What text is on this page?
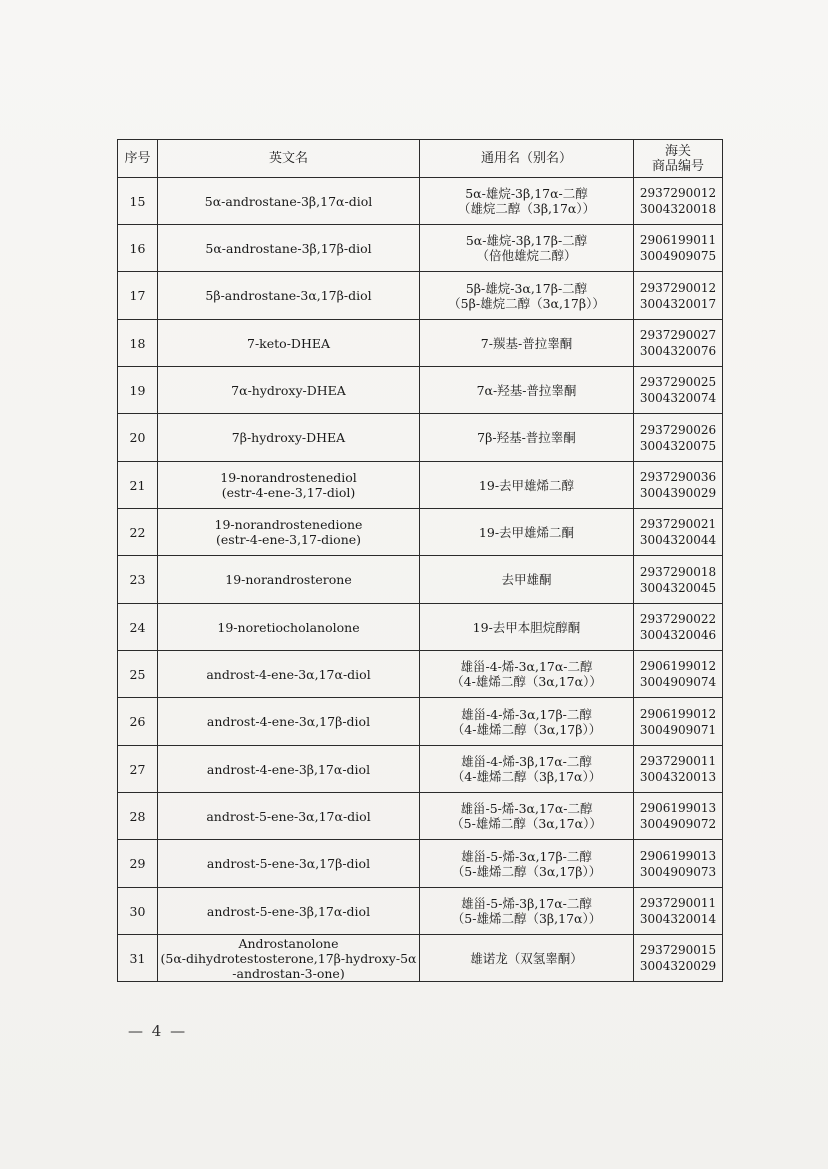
序号	英文名	通用名（别名）	海关
商品编号

15	5α-androstane-3β,17α-diol	5α-雄烷-3β,17α-二醇
（雄烷二醇（3β,17α））	2937290012
3004320018

16	5α-androstane-3β,17β-diol	5α-雄烷-3β,17β-二醇
（倍他雄烷二醇）	2906199011
3004909075

17	5β-androstane-3α,17β-diol	5β-雄烷-3α,17β-二醇
（5β-雄烷二醇（3α,17β））	2937290012
3004320017

18	7-keto-DHEA	7-羰基-普拉睾酮	2937290027
3004320076

19	7α-hydroxy-DHEA	7α-羟基-普拉睾酮	2937290025
3004320074

20	7β-hydroxy-DHEA	7β-羟基-普拉睾酮	2937290026
3004320075

21	19-norandrostenediol
(estr-4-ene-3,17-diol)	19-去甲雄烯二醇	2937290036
3004390029

22	19-norandrostenedione
(estr-4-ene-3,17-dione)	19-去甲雄烯二酮	2937290021
3004320044

23	19-norandrosterone	去甲雄酮	2937290018
3004320045

24	19-noretiocholanolone	19-去甲本胆烷醇酮	2937290022
3004320046

25	androst-4-ene-3α,17α-diol	雄甾-4-烯-3α,17α-二醇
（4-雄烯二醇（3α,17α））	2906199012
3004909074

26	androst-4-ene-3α,17β-diol	雄甾-4-烯-3α,17β-二醇
（4-雄烯二醇（3α,17β））	2906199012
3004909071

27	androst-4-ene-3β,17α-diol	雄甾-4-烯-3β,17α-二醇
（4-雄烯二醇（3β,17α））	2937290011
3004320013

28	androst-5-ene-3α,17α-diol	雄甾-5-烯-3α,17α-二醇
（5-雄烯二醇（3α,17α））	2906199013
3004909072

29	androst-5-ene-3α,17β-diol	雄甾-5-烯-3α,17β-二醇
（5-雄烯二醇（3α,17β））	2906199013
3004909073

30	androst-5-ene-3β,17α-diol	雄甾-5-烯-3β,17α-二醇
（5-雄烯二醇（3β,17α））	2937290011
3004320014

31	Androstanolone
(5α-dihydrotestosterone,17β-hydroxy-5α
-androstan-3-one)	雄诺龙（双氢睾酮）	2937290015
3004320029
— 4 —
